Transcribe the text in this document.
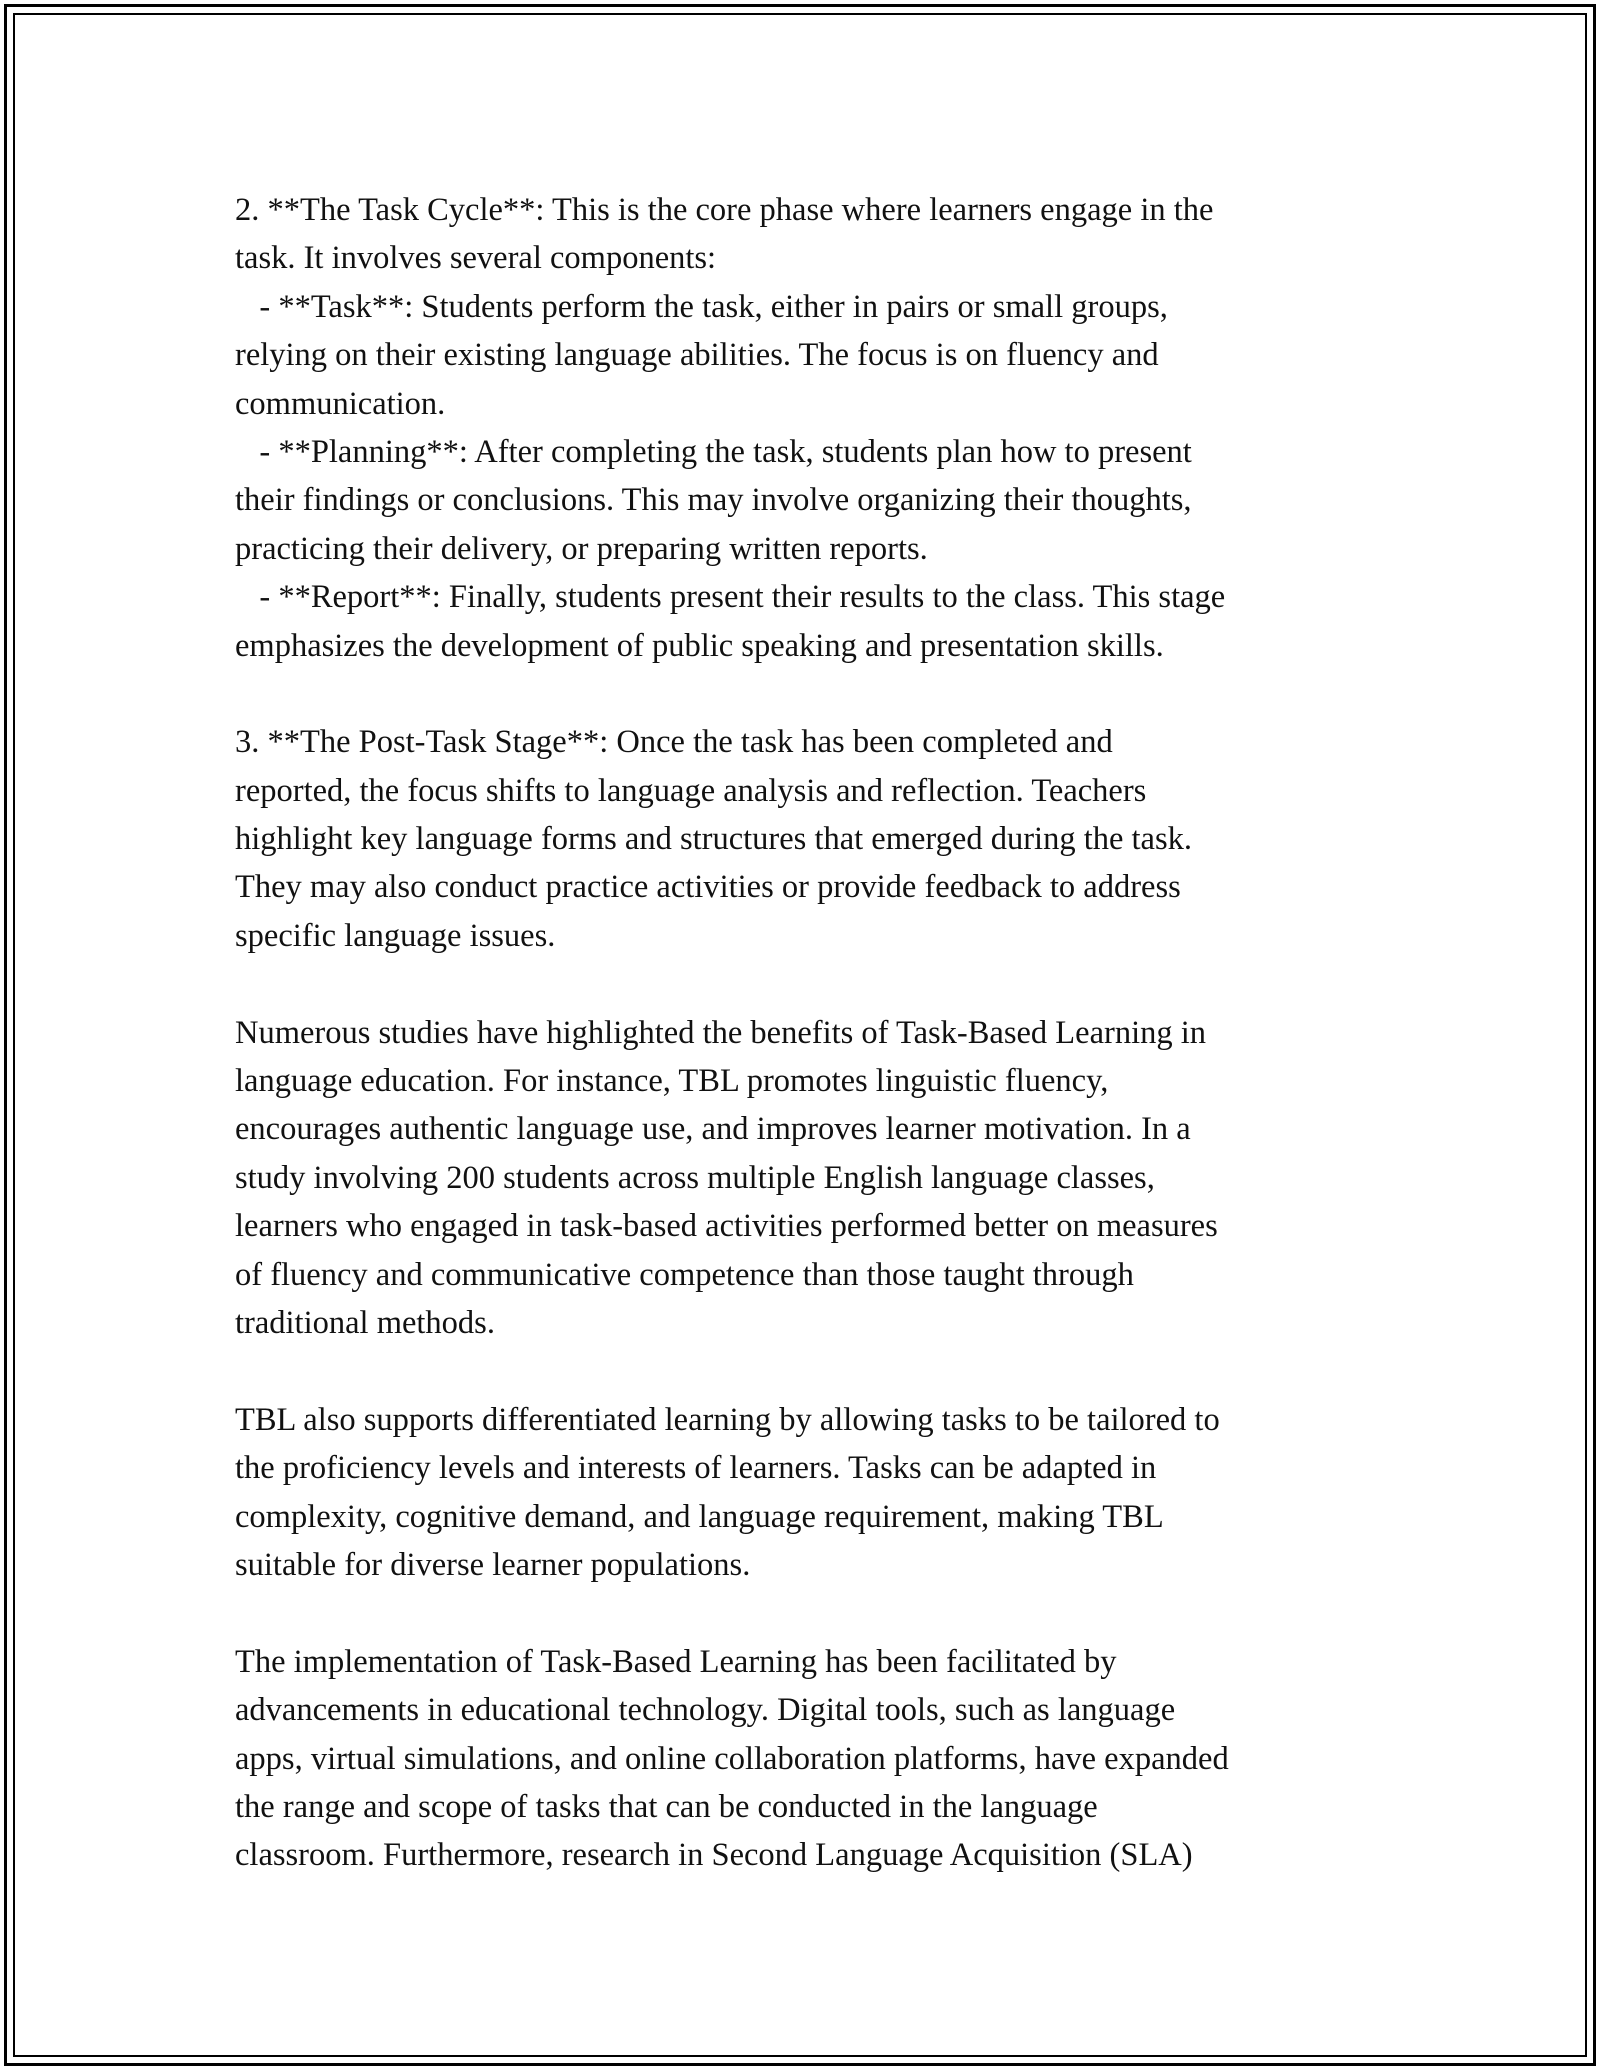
2. **The Task Cycle**: This is the core phase where learners engage in the
task. It involves several components:
- **Task**: Students perform the task, either in pairs or small groups,
relying on their existing language abilities. The focus is on fluency and
communication.
- **Planning**: After completing the task, students plan how to present
their findings or conclusions. This may involve organizing their thoughts,
practicing their delivery, or preparing written reports.
- **Report**: Finally, students present their results to the class. This stage
emphasizes the development of public speaking and presentation skills.
3. **The Post-Task Stage**: Once the task has been completed and
reported, the focus shifts to language analysis and reflection. Teachers
highlight key language forms and structures that emerged during the task.
They may also conduct practice activities or provide feedback to address
specific language issues.
Numerous studies have highlighted the benefits of Task-Based Learning in
language education. For instance, TBL promotes linguistic fluency,
encourages authentic language use, and improves learner motivation. In a
study involving 200 students across multiple English language classes,
learners who engaged in task-based activities performed better on measures
of fluency and communicative competence than those taught through
traditional methods.
TBL also supports differentiated learning by allowing tasks to be tailored to
the proficiency levels and interests of learners. Tasks can be adapted in
complexity, cognitive demand, and language requirement, making TBL
suitable for diverse learner populations.
The implementation of Task-Based Learning has been facilitated by
advancements in educational technology. Digital tools, such as language
apps, virtual simulations, and online collaboration platforms, have expanded
the range and scope of tasks that can be conducted in the language
classroom. Furthermore, research in Second Language Acquisition (SLA)
